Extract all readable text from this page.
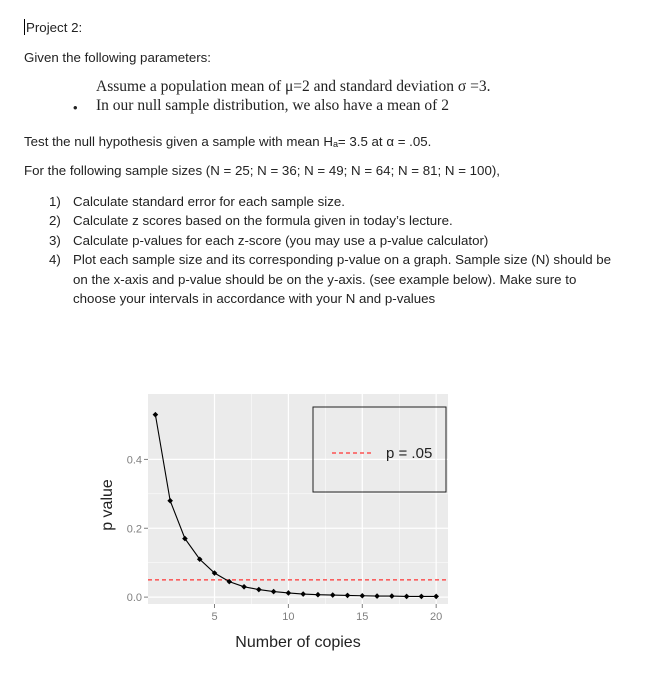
Project 2:
Given the following parameters:
Assume a population mean of μ=2 and standard deviation σ =3.
• In our null sample distribution, we also have a mean of 2
Test the null hypothesis given a sample with mean Hₐ= 3.5 at α = .05.
For the following sample sizes (N = 25; N = 36; N = 49; N = 64; N = 81; N = 100),
1) Calculate standard error for each sample size.
2) Calculate z scores based on the formula given in today’s lecture.
3) Calculate p-values for each z-score (you may use a p-value calculator)
4) Plot each sample size and its corresponding p-value on a graph. Sample size (N) should be
on the x-axis and p-value should be on the y-axis. (see example below). Make sure to
choose your intervals in accordance with your N and p-values
0.0
0.2
0.4
5	10	15	20
p = .05
Number of copies
p value
